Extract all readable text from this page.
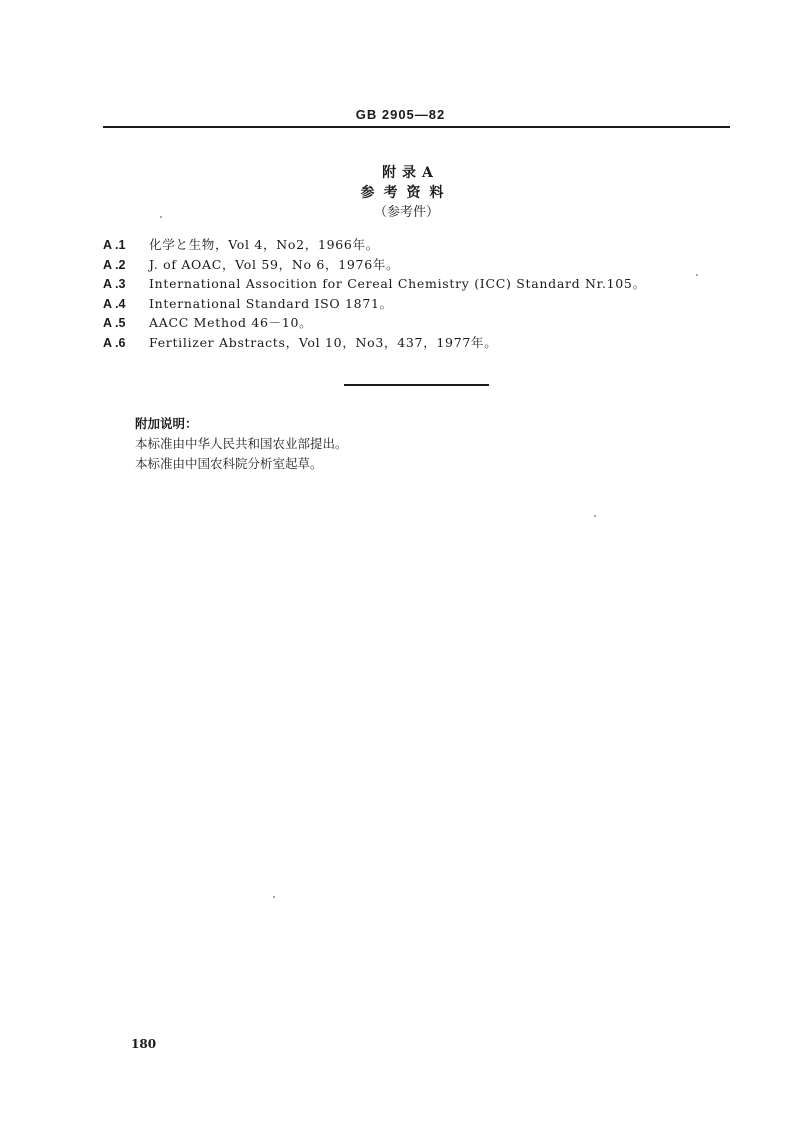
GB 2905—82
附录A
参考资料
（参考件）
A .1	化学と生物，Vol 4，No2，1966年。
A .2	J. of AOAC，Vol 59，No 6，1976年。
A .3	International Assocition for Cereal Chemistry (ICC) Standard Nr.105。
A .4	International Standard ISO 1871。
A .5	AACC Method 46－10。
A .6	Fertilizer Abstracts，Vol 10，No3，437，1977年。
附加说明：
本标准由中华人民共和国农业部提出。
本标准由中国农科院分析室起草。
180
